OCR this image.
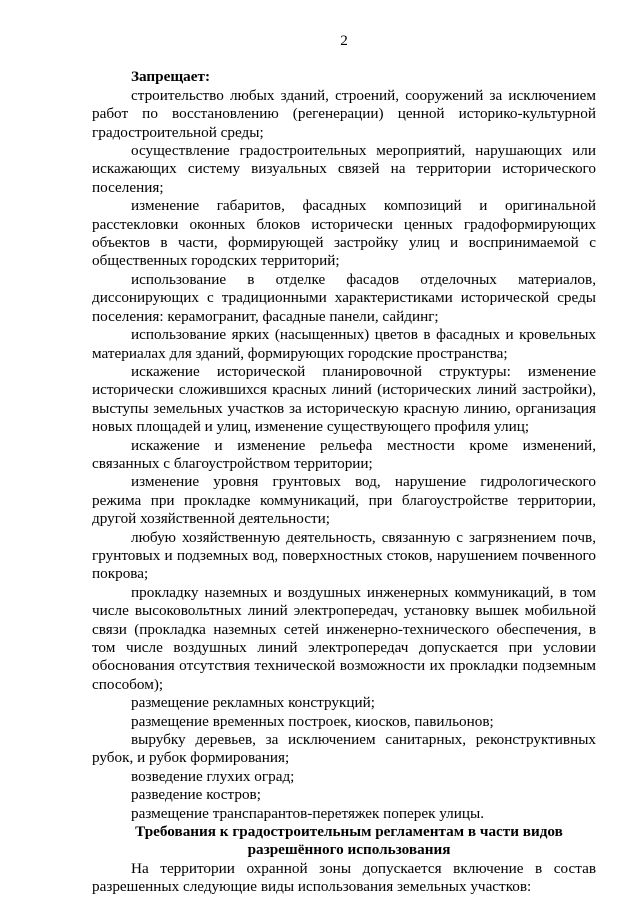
2

Запрещает:

строительство любых зданий, строений, сооружений за исключением работ по восстановлению (регенерации) ценной историко-культурной градостроительной среды;

осуществление градостроительных мероприятий, нарушающих или искажающих систему визуальных связей на территории исторического поселения;

изменение габаритов, фасадных композиций и оригинальной расстекловки оконных блоков исторически ценных градоформирующих объектов в части, формирующей застройку улиц и воспринимаемой с общественных городских территорий;

использование в отделке фасадов отделочных материалов, диссонирующих с традиционными характеристиками исторической среды поселения: керамогранит, фасадные панели, сайдинг;

использование ярких (насыщенных) цветов в фасадных и кровельных материалах для зданий, формирующих городские пространства;

искажение исторической планировочной структуры: изменение исторически сложившихся красных линий (исторических линий застройки), выступы земельных участков за историческую красную линию, организация новых площадей и улиц, изменение существующего профиля улиц;

искажение и изменение рельефа местности кроме изменений, связанных с благоустройством территории;

изменение уровня грунтовых вод, нарушение гидрологического режима при прокладке коммуникаций, при благоустройстве территории, другой хозяйственной деятельности;

любую хозяйственную деятельность, связанную с загрязнением почв, грунтовых и подземных вод, поверхностных стоков, нарушением почвенного покрова;

прокладку наземных и воздушных инженерных коммуникаций, в том числе высоковольтных линий электропередач, установку вышек мобильной связи (прокладка наземных сетей инженерно-технического обеспечения, в том числе воздушных линий электропередач допускается при условии обоснования отсутствия технической возможности их прокладки подземным способом);

размещение рекламных конструкций;

размещение временных построек, киосков, павильонов;

вырубку деревьев, за исключением санитарных, реконструктивных рубок, и рубок формирования;

возведение глухих оград;

разведение костров;

размещение транспарантов-перетяжек поперек улицы.

Требования к градостроительным регламентам в части видов

разрешённого использования

На территории охранной зоны допускается включение в состав разрешенных следующие виды использования земельных участков:
